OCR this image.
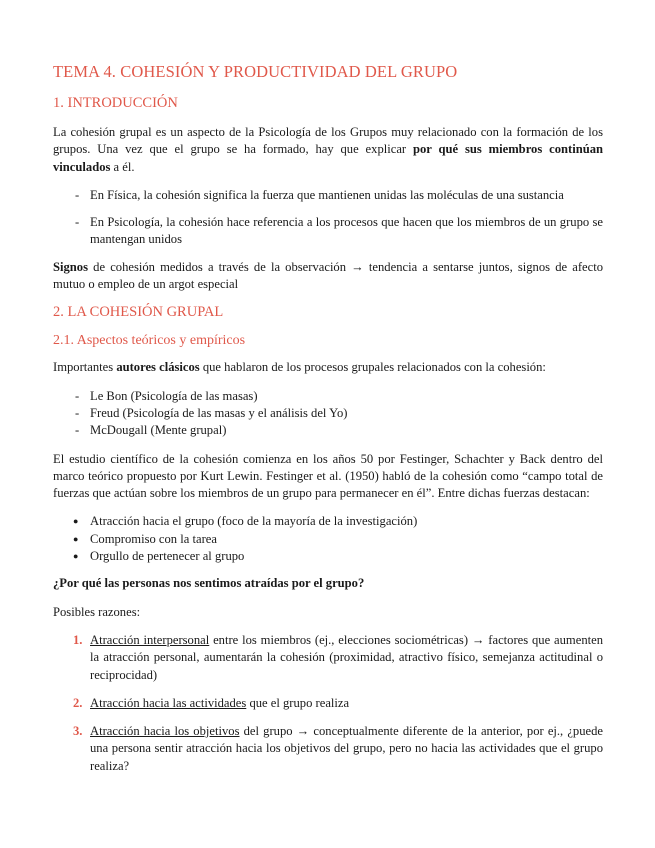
TEMA 4. COHESIÓN Y PRODUCTIVIDAD DEL GRUPO
1. INTRODUCCIÓN

La cohesión grupal es un aspecto de la Psicología de los Grupos muy relacionado con la formación de los grupos. Una vez que el grupo se ha formado, hay que explicar por qué sus miembros continúan vinculados a él.

- En Física, la cohesión significa la fuerza que mantienen unidas las moléculas de una sustancia
- En Psicología, la cohesión hace referencia a los procesos que hacen que los miembros de un grupo se mantengan unidos

Signos de cohesión medidos a través de la observación → tendencia a sentarse juntos, signos de afecto mutuo o empleo de un argot especial

2. LA COHESIÓN GRUPAL
2.1. Aspectos teóricos y empíricos

Importantes autores clásicos que hablaron de los procesos grupales relacionados con la cohesión:

- Le Bon (Psicología de las masas)
- Freud (Psicología de las masas y el análisis del Yo)
- McDougall (Mente grupal)

El estudio científico de la cohesión comienza en los años 50 por Festinger, Schachter y Back dentro del marco teórico propuesto por Kurt Lewin. Festinger et al. (1950) habló de la cohesión como “campo total de fuerzas que actúan sobre los miembros de un grupo para permanecer en él”. Entre dichas fuerzas destacan:

● Atracción hacia el grupo (foco de la mayoría de la investigación)
● Compromiso con la tarea
● Orgullo de pertenecer al grupo

¿Por qué las personas nos sentimos atraídas por el grupo?

Posibles razones:

1. Atracción interpersonal entre los miembros (ej., elecciones sociométricas) → factores que aumenten la atracción personal, aumentarán la cohesión (proximidad, atractivo físico, semejanza actitudinal o reciprocidad)
2. Atracción hacia las actividades que el grupo realiza
3. Atracción hacia los objetivos del grupo → conceptualmente diferente de la anterior, por ej., ¿puede una persona sentir atracción hacia los objetivos del grupo, pero no hacia las actividades que el grupo realiza?
